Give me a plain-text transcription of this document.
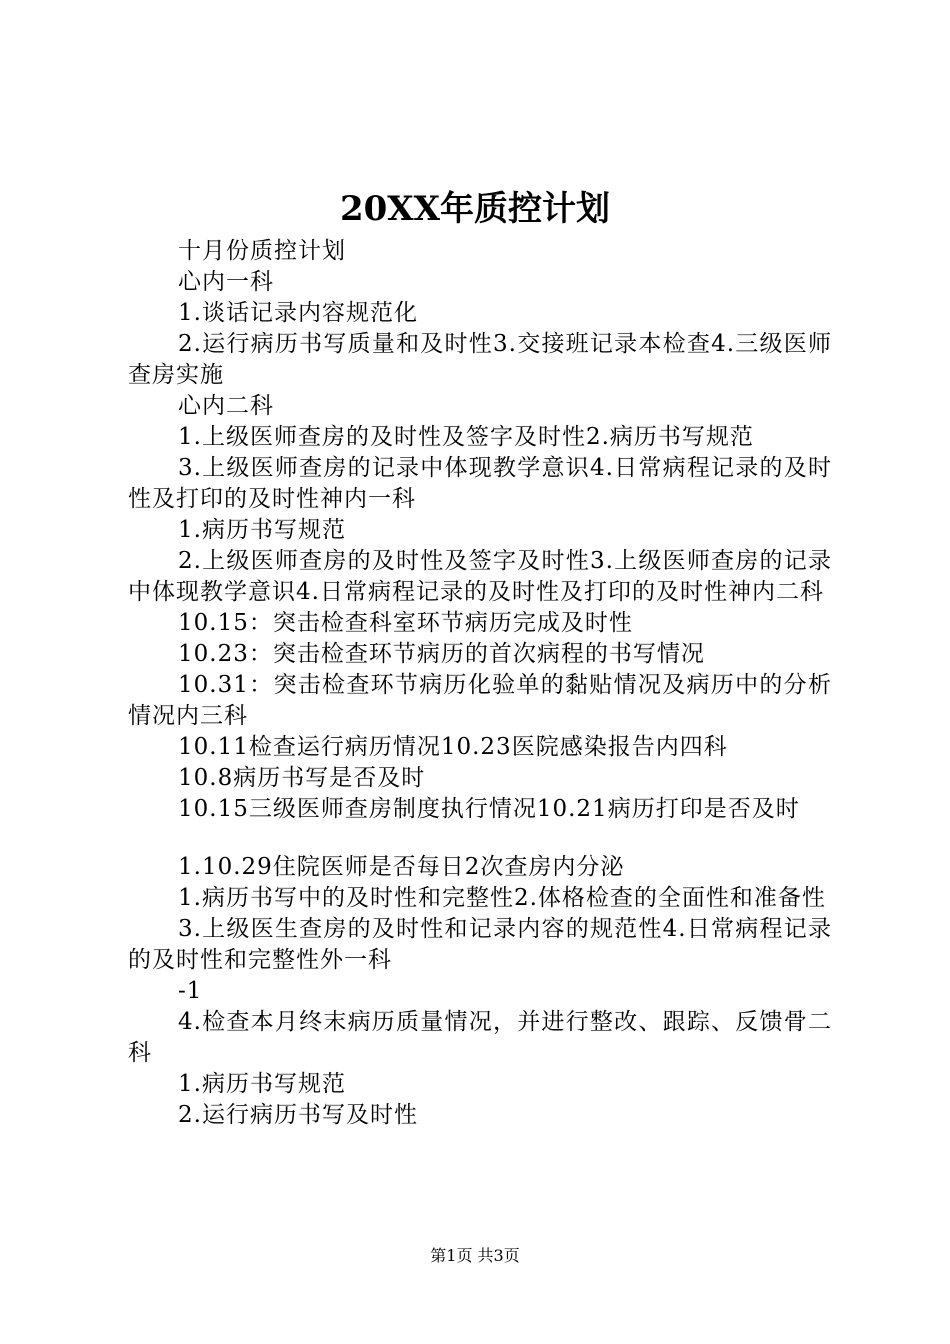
20XX年质控计划

十月份质控计划

心内一科

1.谈话记录内容规范化

2.运行病历书写质量和及时性3.交接班记录本检查4.三级医师查房实施

心内二科

1.上级医师查房的及时性及签字及时性2.病历书写规范

3.上级医师查房的记录中体现教学意识4.日常病程记录的及时性及打印的及时性神内一科

1.病历书写规范

2.上级医师查房的及时性及签字及时性3.上级医师查房的记录中体现教学意识4.日常病程记录的及时性及打印的及时性神内二科

10.15：突击检查科室环节病历完成及时性

10.23：突击检查环节病历的首次病程的书写情况

10.31：突击检查环节病历化验单的黏贴情况及病历中的分析情况内三科

10.11检查运行病历情况10.23医院感染报告内四科

10.8病历书写是否及时

10.15三级医师查房制度执行情况10.21病历打印是否及时

1.10.29住院医师是否每日2次查房内分泌

1.病历书写中的及时性和完整性2.体格检查的全面性和准备性

3.上级医生查房的及时性和记录内容的规范性4.日常病程记录的及时性和完整性外一科

-1

4.检查本月终末病历质量情况，并进行整改、跟踪、反馈骨二科

1.病历书写规范

2.运行病历书写及时性

第1页 共3页
